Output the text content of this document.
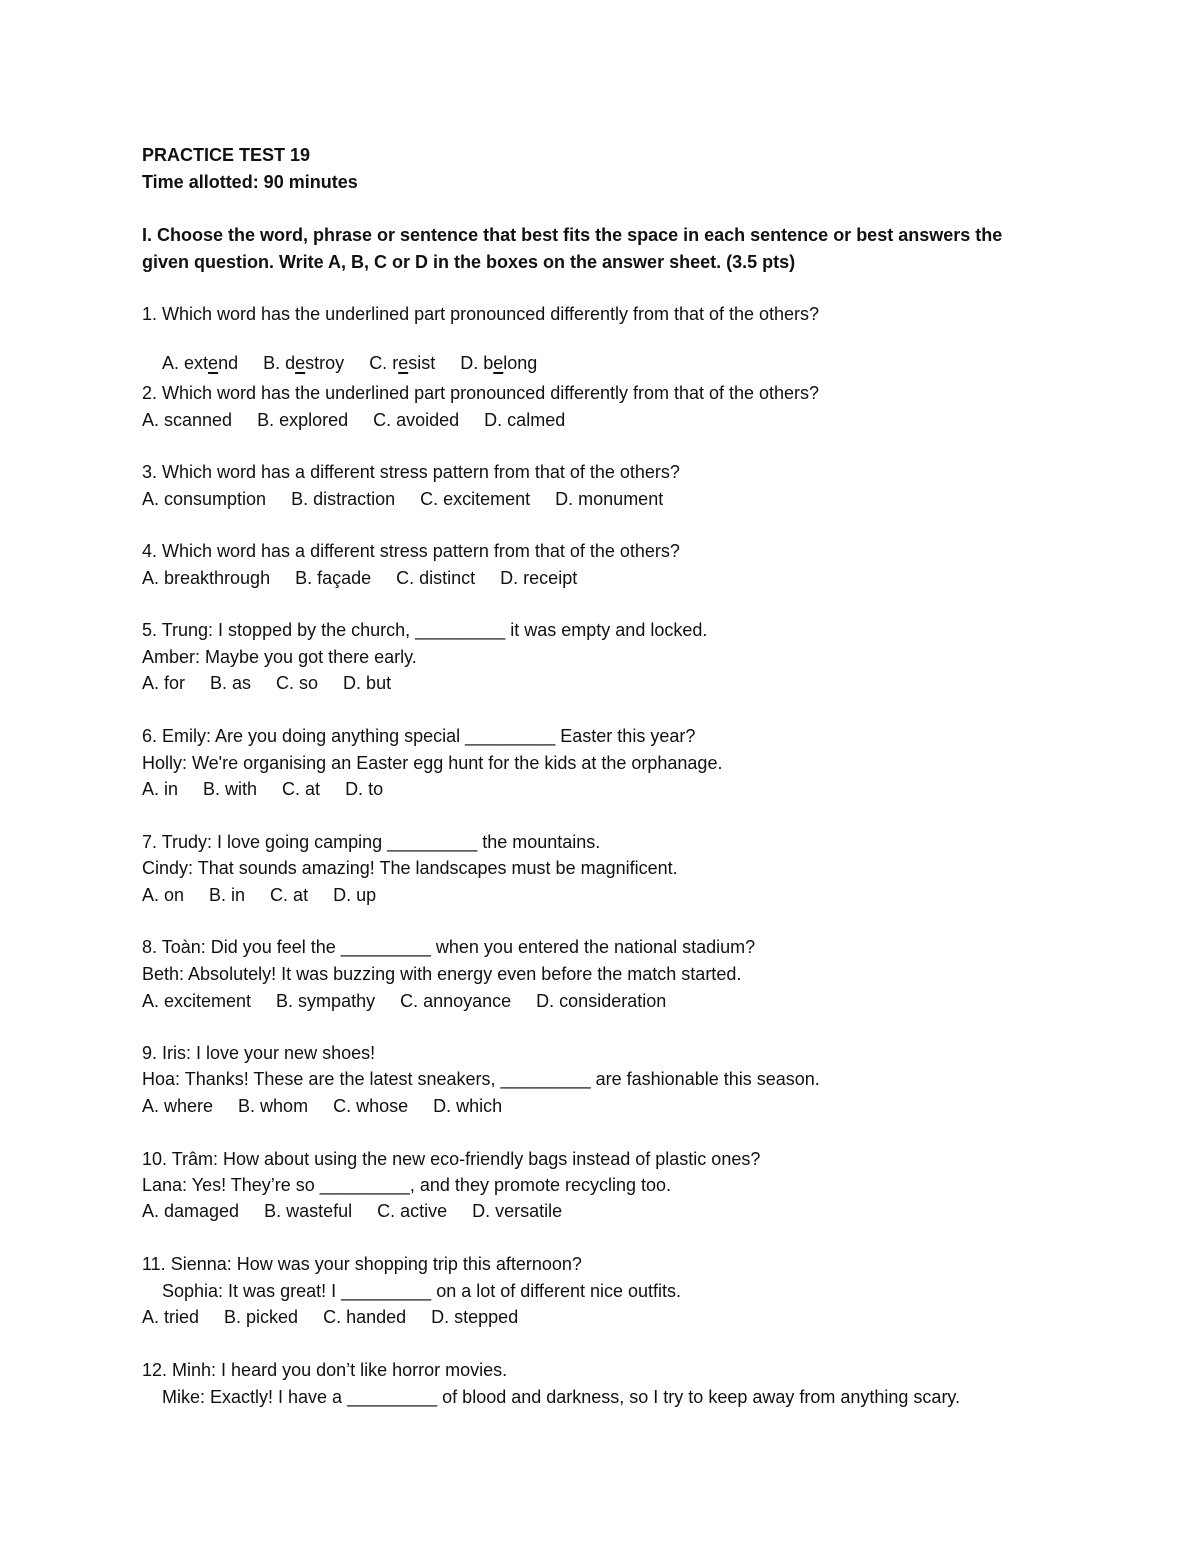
PRACTICE TEST 19
Time allotted: 90 minutes
I. Choose the word, phrase or sentence that best fits the space in each sentence or best answers the
given question. Write A, B, C or D in the boxes on the answer sheet. (3.5 pts)
1. Which word has the underlined part pronounced differently from that of the others?

A. extend B. destroy C. resist D. belong

2. Which word has the underlined part pronounced differently from that of the others?
A. scanned     B. explored     C. avoided     D. calmed
3. Which word has a different stress pattern from that of the others?
A. consumption     B. distraction     C. excitement     D. monument
4. Which word has a different stress pattern from that of the others?
A. breakthrough     B. façade     C. distinct     D. receipt
5. Trung: I stopped by the church, _________ it was empty and locked.
Amber: Maybe you got there early.
A. for     B. as     C. so     D. but
6. Emily: Are you doing anything special _________ Easter this year?
Holly: We're organising an Easter egg hunt for the kids at the orphanage.
A. in     B. with     C. at     D. to
7. Trudy: I love going camping _________ the mountains.
Cindy: That sounds amazing! The landscapes must be magnificent.
A. on     B. in     C. at     D. up
8. Toàn: Did you feel the _________ when you entered the national stadium?
Beth: Absolutely! It was buzzing with energy even before the match started.
A. excitement     B. sympathy     C. annoyance     D. consideration
9. Iris: I love your new shoes!
Hoa: Thanks! These are the latest sneakers, _________ are fashionable this season.
A. where     B. whom     C. whose     D. which
10. Trâm: How about using the new eco-friendly bags instead of plastic ones?
Lana: Yes! They’re so _________, and they promote recycling too.
A. damaged     B. wasteful     C. active     D. versatile
11. Sienna: How was your shopping trip this afternoon?
Sophia: It was great! I _________ on a lot of different nice outfits.
A. tried     B. picked     C. handed     D. stepped
12. Minh: I heard you don’t like horror movies.
Mike: Exactly! I have a _________ of blood and darkness, so I try to keep away from anything scary.
